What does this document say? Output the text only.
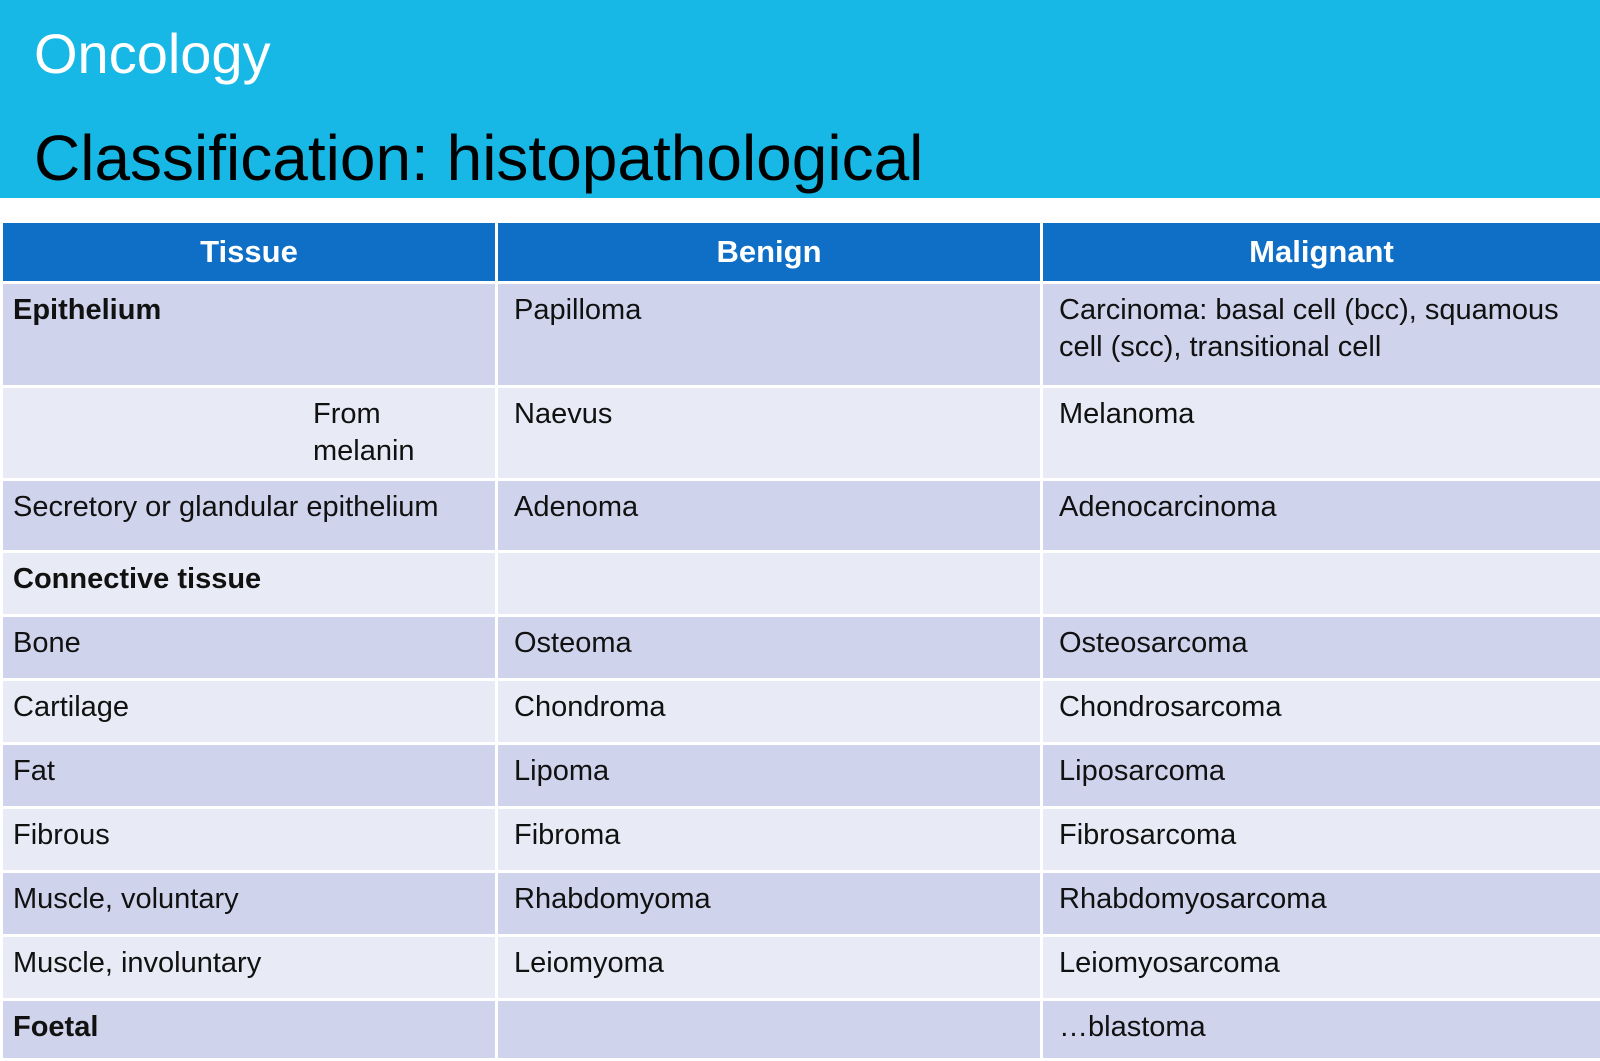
Oncology
Classification: histopathological
Tissue	Benign	Malignant
Epithelium	Papilloma	Carcinoma: basal cell (bcc), squamous cell (scc), transitional cell

From melanin	Naevus	Melanoma
Secretory or glandular epithelium	Adenoma	Adenocarcinoma
Connective tissue		
Bone	Osteoma	Osteosarcoma
Cartilage	Chondroma	Chondrosarcoma
Fat	Lipoma	Liposarcoma
Fibrous	Fibroma	Fibrosarcoma
Muscle, voluntary	Rhabdomyoma	Rhabdomyosarcoma
Muscle, involuntary	Leiomyoma	Leiomyosarcoma
Foetal		…blastoma
